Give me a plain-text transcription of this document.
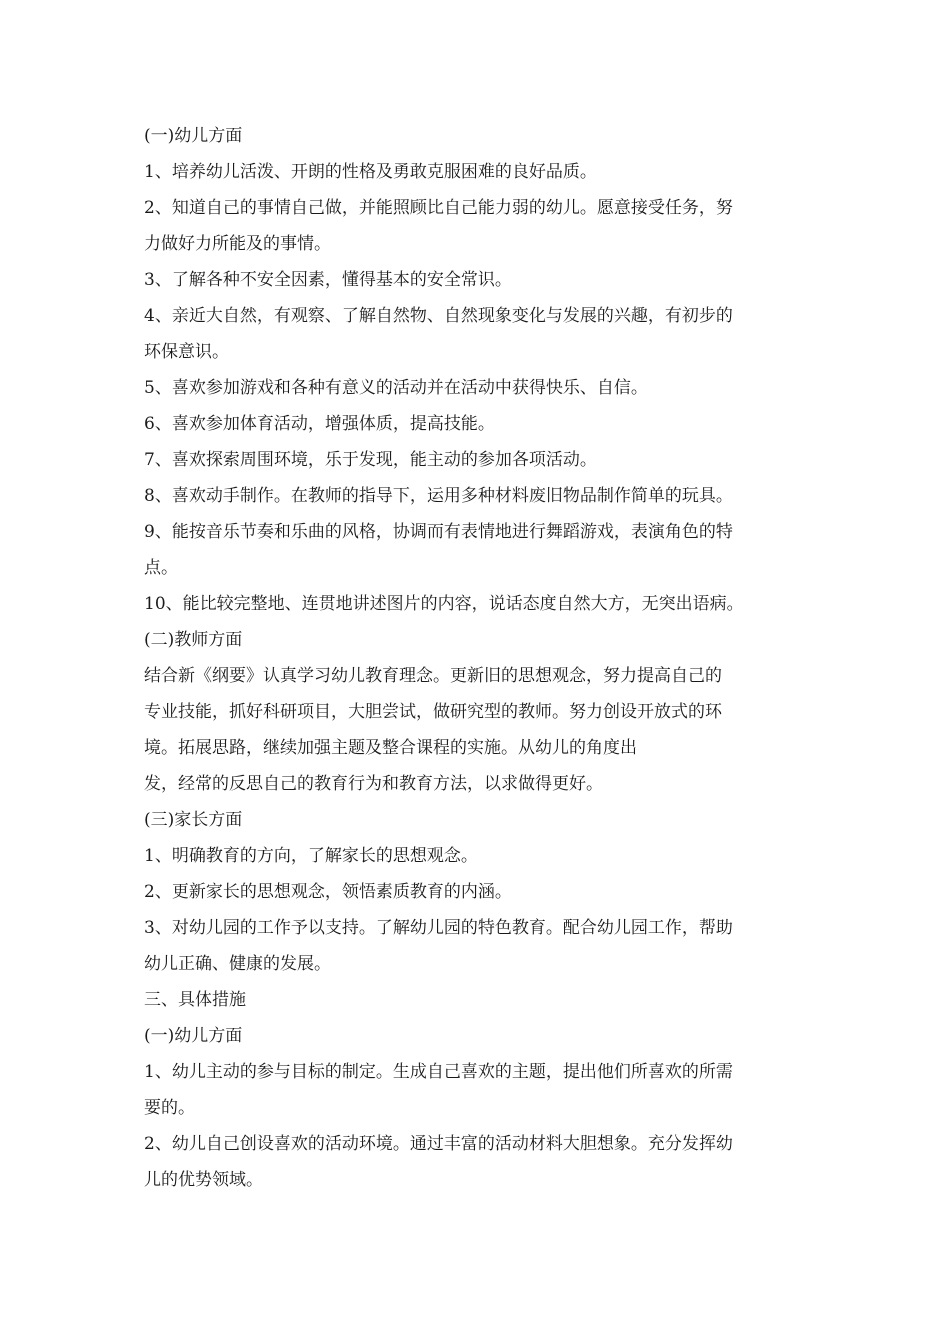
(一)幼儿方面
1、培养幼儿活泼、开朗的性格及勇敢克服困难的良好品质。
2、知道自己的事情自己做，并能照顾比自己能力弱的幼儿。愿意接受任务，努
力做好力所能及的事情。
3、了解各种不安全因素，懂得基本的安全常识。
4、亲近大自然，有观察、了解自然物、自然现象变化与发展的兴趣，有初步的
环保意识。
5、喜欢参加游戏和各种有意义的活动并在活动中获得快乐、自信。
6、喜欢参加体育活动，增强体质，提高技能。
7、喜欢探索周围环境，乐于发现，能主动的参加各项活动。
8、喜欢动手制作。在教师的指导下，运用多种材料废旧物品制作简单的玩具。
9、能按音乐节奏和乐曲的风格，协调而有表情地进行舞蹈游戏，表演角色的特
点。
10、能比较完整地、连贯地讲述图片的内容，说话态度自然大方，无突出语病。
(二)教师方面
结合新《纲要》认真学习幼儿教育理念。更新旧的思想观念，努力提高自己的
专业技能，抓好科研项目，大胆尝试，做研究型的教师。努力创设开放式的环
境。拓展思路，继续加强主题及整合课程的实施。从幼儿的角度出
发，经常的反思自己的教育行为和教育方法，以求做得更好。
(三)家长方面
1、明确教育的方向，了解家长的思想观念。
2、更新家长的思想观念，领悟素质教育的内涵。
3、对幼儿园的工作予以支持。了解幼儿园的特色教育。配合幼儿园工作，帮助
幼儿正确、健康的发展。
三、具体措施
(一)幼儿方面
1、幼儿主动的参与目标的制定。生成自己喜欢的主题，提出他们所喜欢的所需
要的。
2、幼儿自己创设喜欢的活动环境。通过丰富的活动材料大胆想象。充分发挥幼
儿的优势领域。
